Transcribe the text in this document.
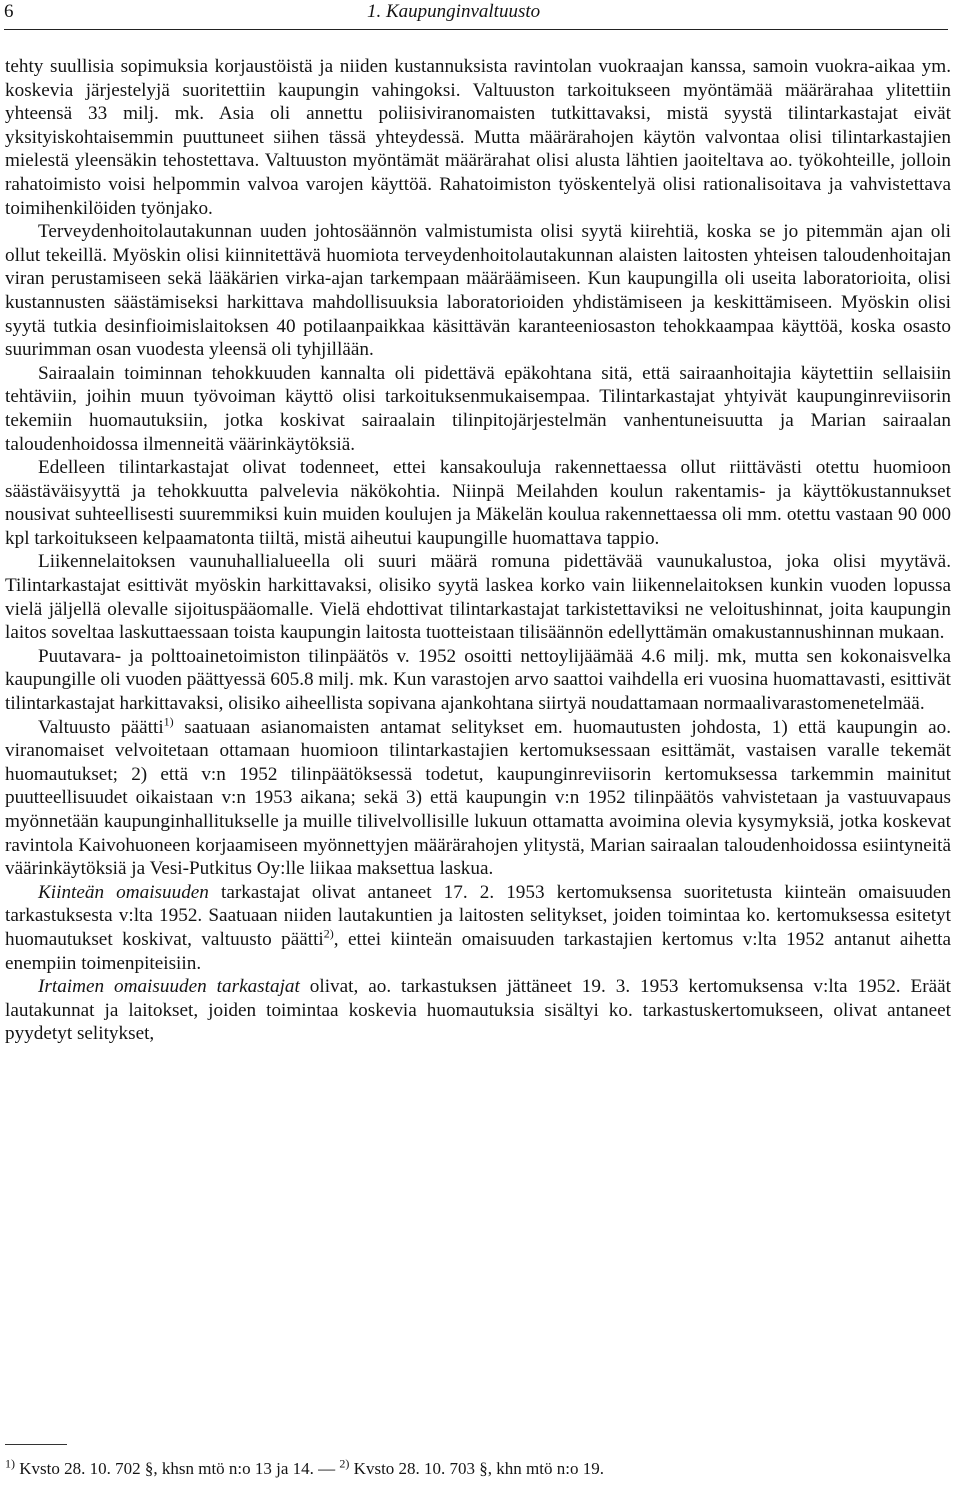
6	1. Kaupunginvaltuusto

tehty suullisia sopimuksia korjaustöistä ja niiden kustannuksista ravintolan vuokraajan kanssa, samoin vuokra-aikaa ym. koskevia järjestelyjä suoritettiin kaupungin vahingoksi. Valtuuston tarkoitukseen myöntämää määrärahaa ylitettiin yhteensä 33 milj. mk. Asia oli annettu poliisiviranomaisten tutkittavaksi, mistä syystä tilintarkastajat eivät yksityiskohtaisemmin puuttuneet siihen tässä yhteydessä. Mutta määrärahojen käytön valvontaa olisi tilintarkastajien mielestä yleensäkin tehostettava. Valtuuston myöntämät määrärahat olisi alusta lähtien jaoiteltava ao. työkohteille, jolloin rahatoimisto voisi helpommin valvoa varojen käyttöä. Rahatoimiston työskentelyä olisi rationalisoitava ja vahvistettava toimihenkilöiden työnjako.

Terveydenhoitolautakunnan uuden johtosäännön valmistumista olisi syytä kiirehtiä, koska se jo pitemmän ajan oli ollut tekeillä. Myöskin olisi kiinnitettävä huomiota terveydenhoitolautakunnan alaisten laitosten yhteisen taloudenhoitajan viran perustamiseen sekä lääkärien virka-ajan tarkempaan määräämiseen. Kun kaupungilla oli useita laboratorioita, olisi kustannusten säästämiseksi harkittava mahdollisuuksia laboratorioiden yhdistämiseen ja keskittämiseen. Myöskin olisi syytä tutkia desinfioimislaitoksen 40 potilaanpaikkaa käsittävän karanteeniosaston tehokkaampaa käyttöä, koska osasto suurimman osan vuodesta yleensä oli tyhjillään.

Sairaalain toiminnan tehokkuuden kannalta oli pidettävä epäkohtana sitä, että sairaanhoitajia käytettiin sellaisiin tehtäviin, joihin muun työvoiman käyttö olisi tarkoituksenmukaisempaa. Tilintarkastajat yhtyivät kaupunginreviisorin tekemiin huomautuksiin, jotka koskivat sairaalain tilinpitojärjestelmän vanhentuneisuutta ja Marian sairaalan taloudenhoidossa ilmenneitä väärinkäytöksiä.

Edelleen tilintarkastajat olivat todenneet, ettei kansakouluja rakennettaessa ollut riittävästi otettu huomioon säästäväisyyttä ja tehokkuutta palvelevia näkökohtia. Niinpä Meilahden koulun rakentamis- ja käyttökustannukset nousivat suhteellisesti suuremmiksi kuin muiden koulujen ja Mäkelän koulua rakennettaessa oli mm. otettu vastaan 90 000 kpl tarkoitukseen kelpaamatonta tiiltä, mistä aiheutui kaupungille huomattava tappio.

Liikennelaitoksen vaunuhallialueella oli suuri määrä romuna pidettävää vaunukalustoa, joka olisi myytävä. Tilintarkastajat esittivät myöskin harkittavaksi, olisiko syytä laskea korko vain liikennelaitoksen kunkin vuoden lopussa vielä jäljellä olevalle sijoituspääomalle. Vielä ehdottivat tilintarkastajat tarkistettaviksi ne veloitushinnat, joita kaupungin laitos soveltaa laskuttaessaan toista kaupungin laitosta tuotteistaan tilisäännön edellyttämän omakustannushinnan mukaan.

Puutavara- ja polttoainetoimiston tilinpäätös v. 1952 osoitti nettoylijäämää 4.6 milj. mk, mutta sen kokonaisvelka kaupungille oli vuoden päättyessä 605.8 milj. mk. Kun varastojen arvo saattoi vaihdella eri vuosina huomattavasti, esittivät tilintarkastajat harkittavaksi, olisiko aiheellista sopivana ajankohtana siirtyä noudattamaan normaalivarastomenetelmää.

Valtuusto päätti$^{1)}$ saatuaan asianomaisten antamat selitykset em. huomautusten johdosta, 1) että kaupungin ao. viranomaiset velvoitetaan ottamaan huomioon tilintarkastajien kertomuksessaan esittämät, vastaisen varalle tekemät huomautukset; 2) että v:n 1952 tilinpäätöksessä todetut, kaupunginreviisorin kertomuksessa tarkemmin mainitut puutteellisuudet oikaistaan v:n 1953 aikana; sekä 3) että kaupungin v:n 1952 tilinpäätös vahvistetaan ja vastuuvapaus myönnetään kaupunginhallitukselle ja muille tilivelvollisille lukuun ottamatta avoimina olevia kysymyksiä, jotka koskevat ravintola Kaivohuoneen korjaamiseen myönnettyjen määrärahojen ylitystä, Marian sairaalan taloudenhoidossa esiintyneitä väärinkäytöksiä ja Vesi-Putkitus Oy:lle liikaa maksettua laskua.

Kiinteän omaisuuden tarkastajat olivat antaneet 17. 2. 1953 kertomuksensa suoritetusta kiinteän omaisuuden tarkastuksesta v:lta 1952. Saatuaan niiden lautakuntien ja laitosten selitykset, joiden toimintaa ko. kertomuksessa esitetyt huomautukset koskivat, valtuusto päätti$^{2)}$, ettei kiinteän omaisuuden tarkastajien kertomus v:lta 1952 antanut aihetta enempiin toimenpiteisiin.

Irtaimen omaisuuden tarkastajat olivat, ao. tarkastuksen jättäneet 19. 3. 1953 kertomuksensa v:lta 1952. Eräät lautakunnat ja laitokset, joiden toimintaa koskevia huomautuksia sisältyi ko. tarkastuskertomukseen, olivat antaneet pyydetyt selitykset,

$^{1)}$ Kvsto 28. 10. 702 §, khsn mtö n:o 13 ja 14. — $^{2)}$ Kvsto 28. 10. 703 §, khn mtö n:o 19.
